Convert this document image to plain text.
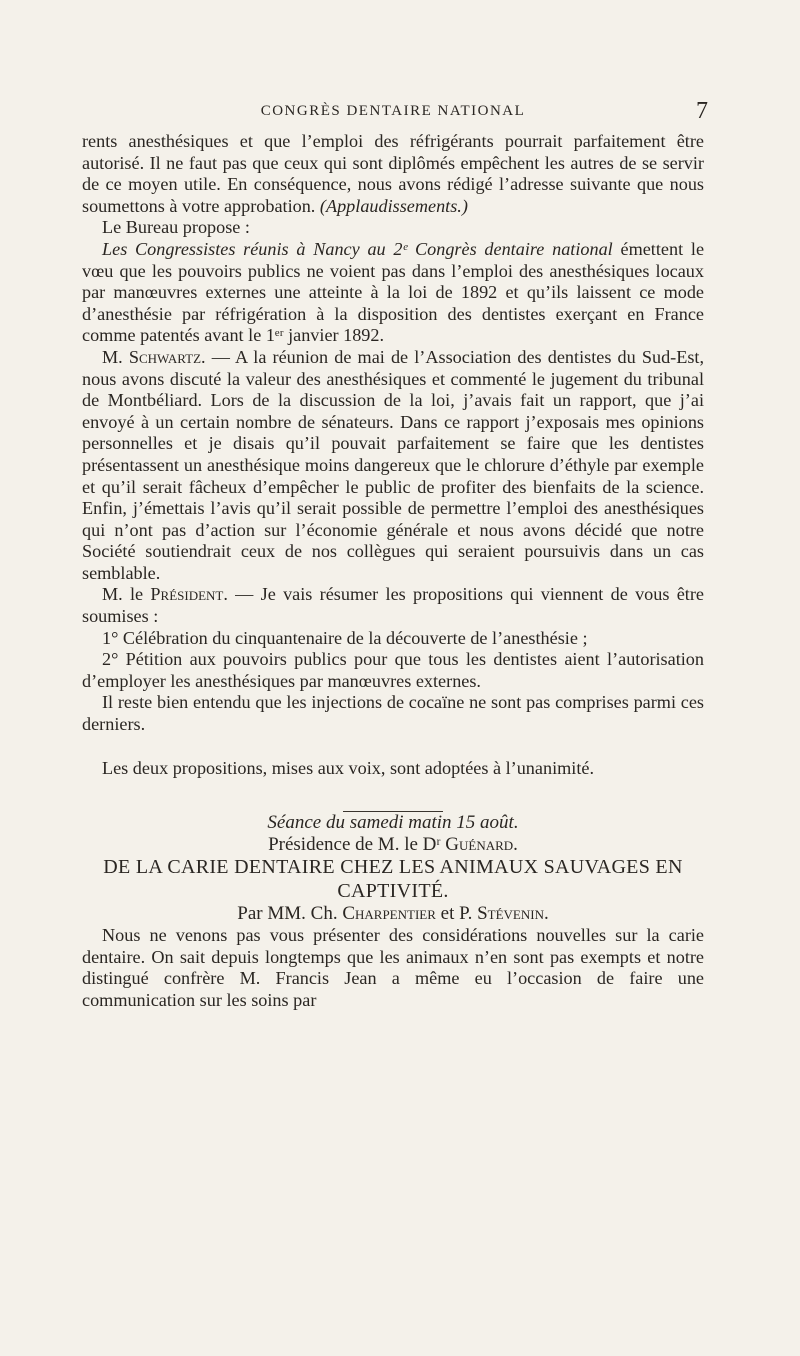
CONGRÈS DENTAIRE NATIONAL	7

rents anesthésiques et que l’emploi des réfrigérants pourrait parfaitement être autorisé. Il ne faut pas que ceux qui sont diplômés empêchent les autres de se servir de ce moyen utile. En conséquence, nous avons rédigé l’adresse suivante que nous soumettons à votre approbation. (Applaudissements.)

Le Bureau propose :

Les Congressistes réunis à Nancy au 2ᵉ Congrès dentaire national émettent le vœu que les pouvoirs publics ne voient pas dans l’emploi des anesthésiques locaux par manœuvres externes une atteinte à la loi de 1892 et qu’ils laissent ce mode d’anesthésie par réfrigération à la disposition des dentistes exerçant en France comme patentés avant le 1ᵉʳ janvier 1892.

M. Schwartz. — A la réunion de mai de l’Association des dentistes du Sud-Est, nous avons discuté la valeur des anesthésiques et commenté le jugement du tribunal de Montbéliard. Lors de la discussion de la loi, j’avais fait un rapport, que j’ai envoyé à un certain nombre de sénateurs. Dans ce rapport j’exposais mes opinions personnelles et je disais qu’il pouvait parfaitement se faire que les dentistes présentassent un anesthésique moins dangereux que le chlorure d’éthyle par exemple et qu’il serait fâcheux d’empêcher le public de profiter des bienfaits de la science. Enfin, j’émettais l’avis qu’il serait possible de permettre l’emploi des anesthésiques qui n’ont pas d’action sur l’économie générale et nous avons décidé que notre Société soutiendrait ceux de nos collègues qui seraient poursuivis dans un cas semblable.

M. le Président. — Je vais résumer les propositions qui viennent de vous être soumises :

1° Célébration du cinquantenaire de la découverte de l’anesthésie ;

2° Pétition aux pouvoirs publics pour que tous les dentistes aient l’autorisation d’employer les anesthésiques par manœuvres externes.

Il reste bien entendu que les injections de cocaïne ne sont pas comprises parmi ces derniers.

Les deux propositions, mises aux voix, sont adoptées à l’unanimité.

Séance du samedi matin 15 août.

Présidence de M. le Dʳ Guénard.

DE LA CARIE DENTAIRE CHEZ LES ANIMAUX SAUVAGES EN CAPTIVITÉ.

Par MM. Ch. Charpentier et P. Stévenin.

Nous ne venons pas vous présenter des considérations nouvelles sur la carie dentaire. On sait depuis longtemps que les animaux n’en sont pas exempts et notre distingué confrère M. Francis Jean a même eu l’occasion de faire une communication sur les soins par
